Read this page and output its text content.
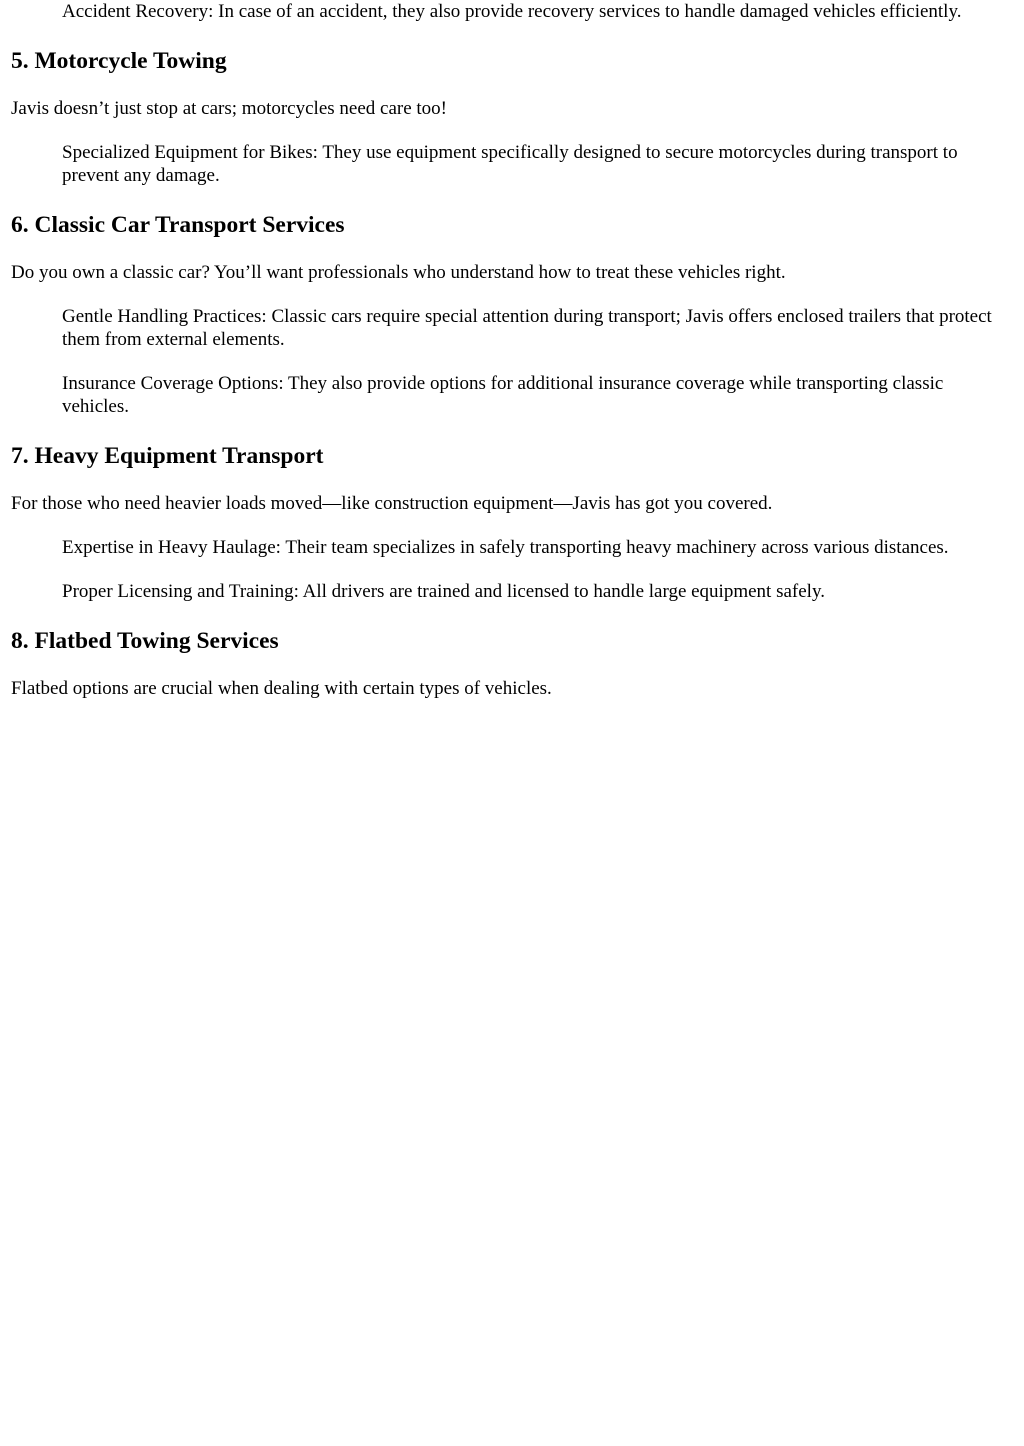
Accident Recovery: In case of an accident, they also provide recovery services to handle damaged vehicles efficiently.
5. Motorcycle Towing

Javis doesn’t just stop at cars; motorcycles need care too!

Specialized Equipment for Bikes: They use equipment specifically designed to secure motorcycles during transport to prevent any damage.
6. Classic Car Transport Services

Do you own a classic car? You’ll want professionals who understand how to treat these vehicles right.

Gentle Handling Practices: Classic cars require special attention during transport; Javis offers enclosed trailers that protect them from external elements.
Insurance Coverage Options: They also provide options for additional insurance coverage while transporting classic vehicles.
7. Heavy Equipment Transport

For those who need heavier loads moved—like construction equipment—Javis has got you covered.

Expertise in Heavy Haulage: Their team specializes in safely transporting heavy machinery across various distances.
Proper Licensing and Training: All drivers are trained and licensed to handle large equipment safely.
8. Flatbed Towing Services

Flatbed options are crucial when dealing with certain types of vehicles.
